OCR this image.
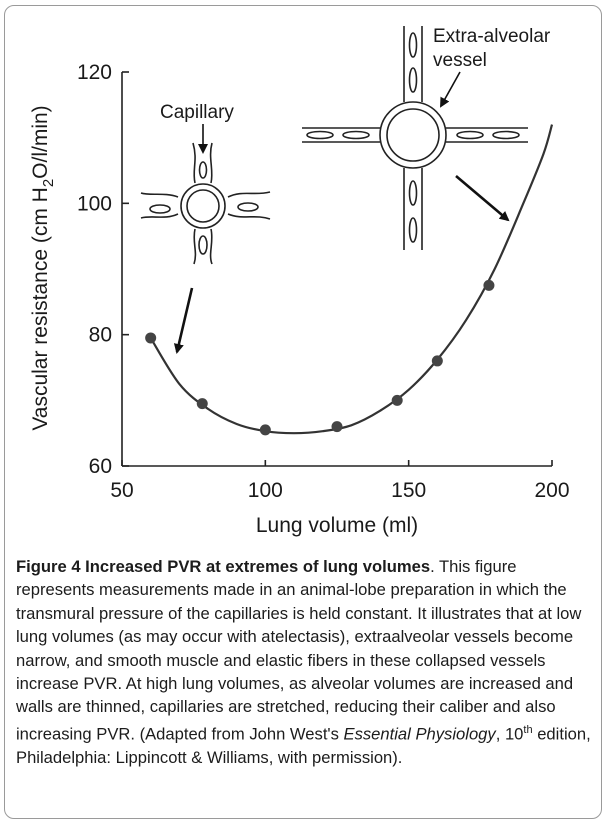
50	100	150	200
60
80
100
120
Lung volume (ml)
Vascular resistance (cm $H_2O/l/\min$)	Capillary
Extra-alveolar
vessel
Figure 4 Increased PVR at extremes of lung volumes. This figure represents measurements made in an animal-lobe preparation in which the transmural pressure of the capillaries is held constant. It illustrates that at low lung volumes (as may occur with atelectasis), extraalveolar vessels become narrow, and smooth muscle and elastic fibers in these collapsed vessels increase PVR. At high lung volumes, as alveolar volumes are increased and walls are thinned, capillaries are stretched, reducing their caliber and also increasing PVR. (Adapted from John West's Essential Physiology, 10th edition, Philadelphia: Lippincott & Williams, with permission).
